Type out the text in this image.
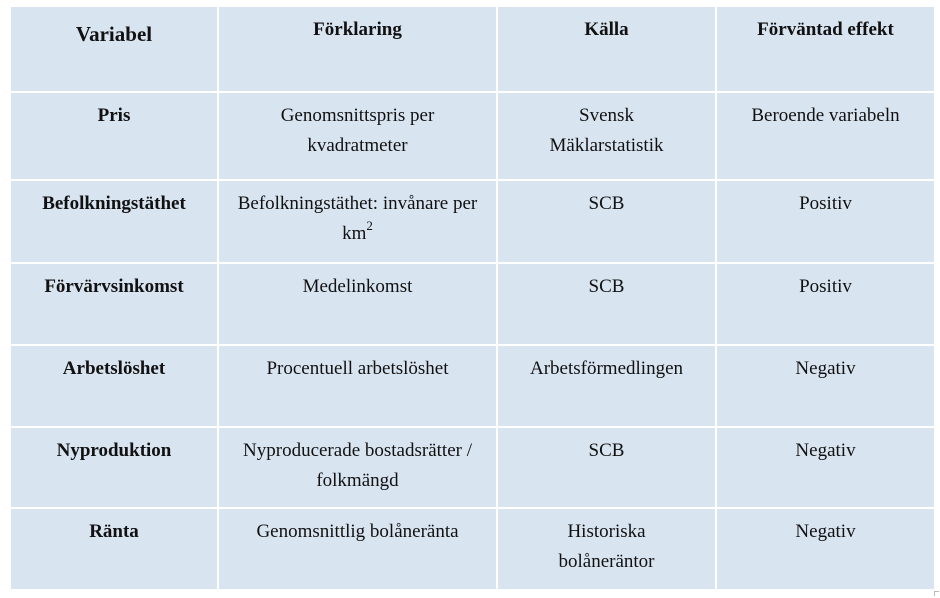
Variabel	Förklaring	Källa	Förväntad effekt
Pris	Genomsnittspris per kvadratmeter	Svensk Mäklarstatistik	Beroende variabeln
Befolkningstäthet	Befolkningstäthet: invånare per $km^2$	SCB	Positiv
Förvärvsinkomst	Medelinkomst	SCB	Positiv
Arbetslöshet	Procentuell arbetslöshet	Arbetsförmedlingen	Negativ
Nyproduktion	Nyproducerade bostadsrätter / folkmängd	SCB	Negativ
Ränta	Genomsnittlig bolåneränta	Historiska bolåneräntor	Negativ
